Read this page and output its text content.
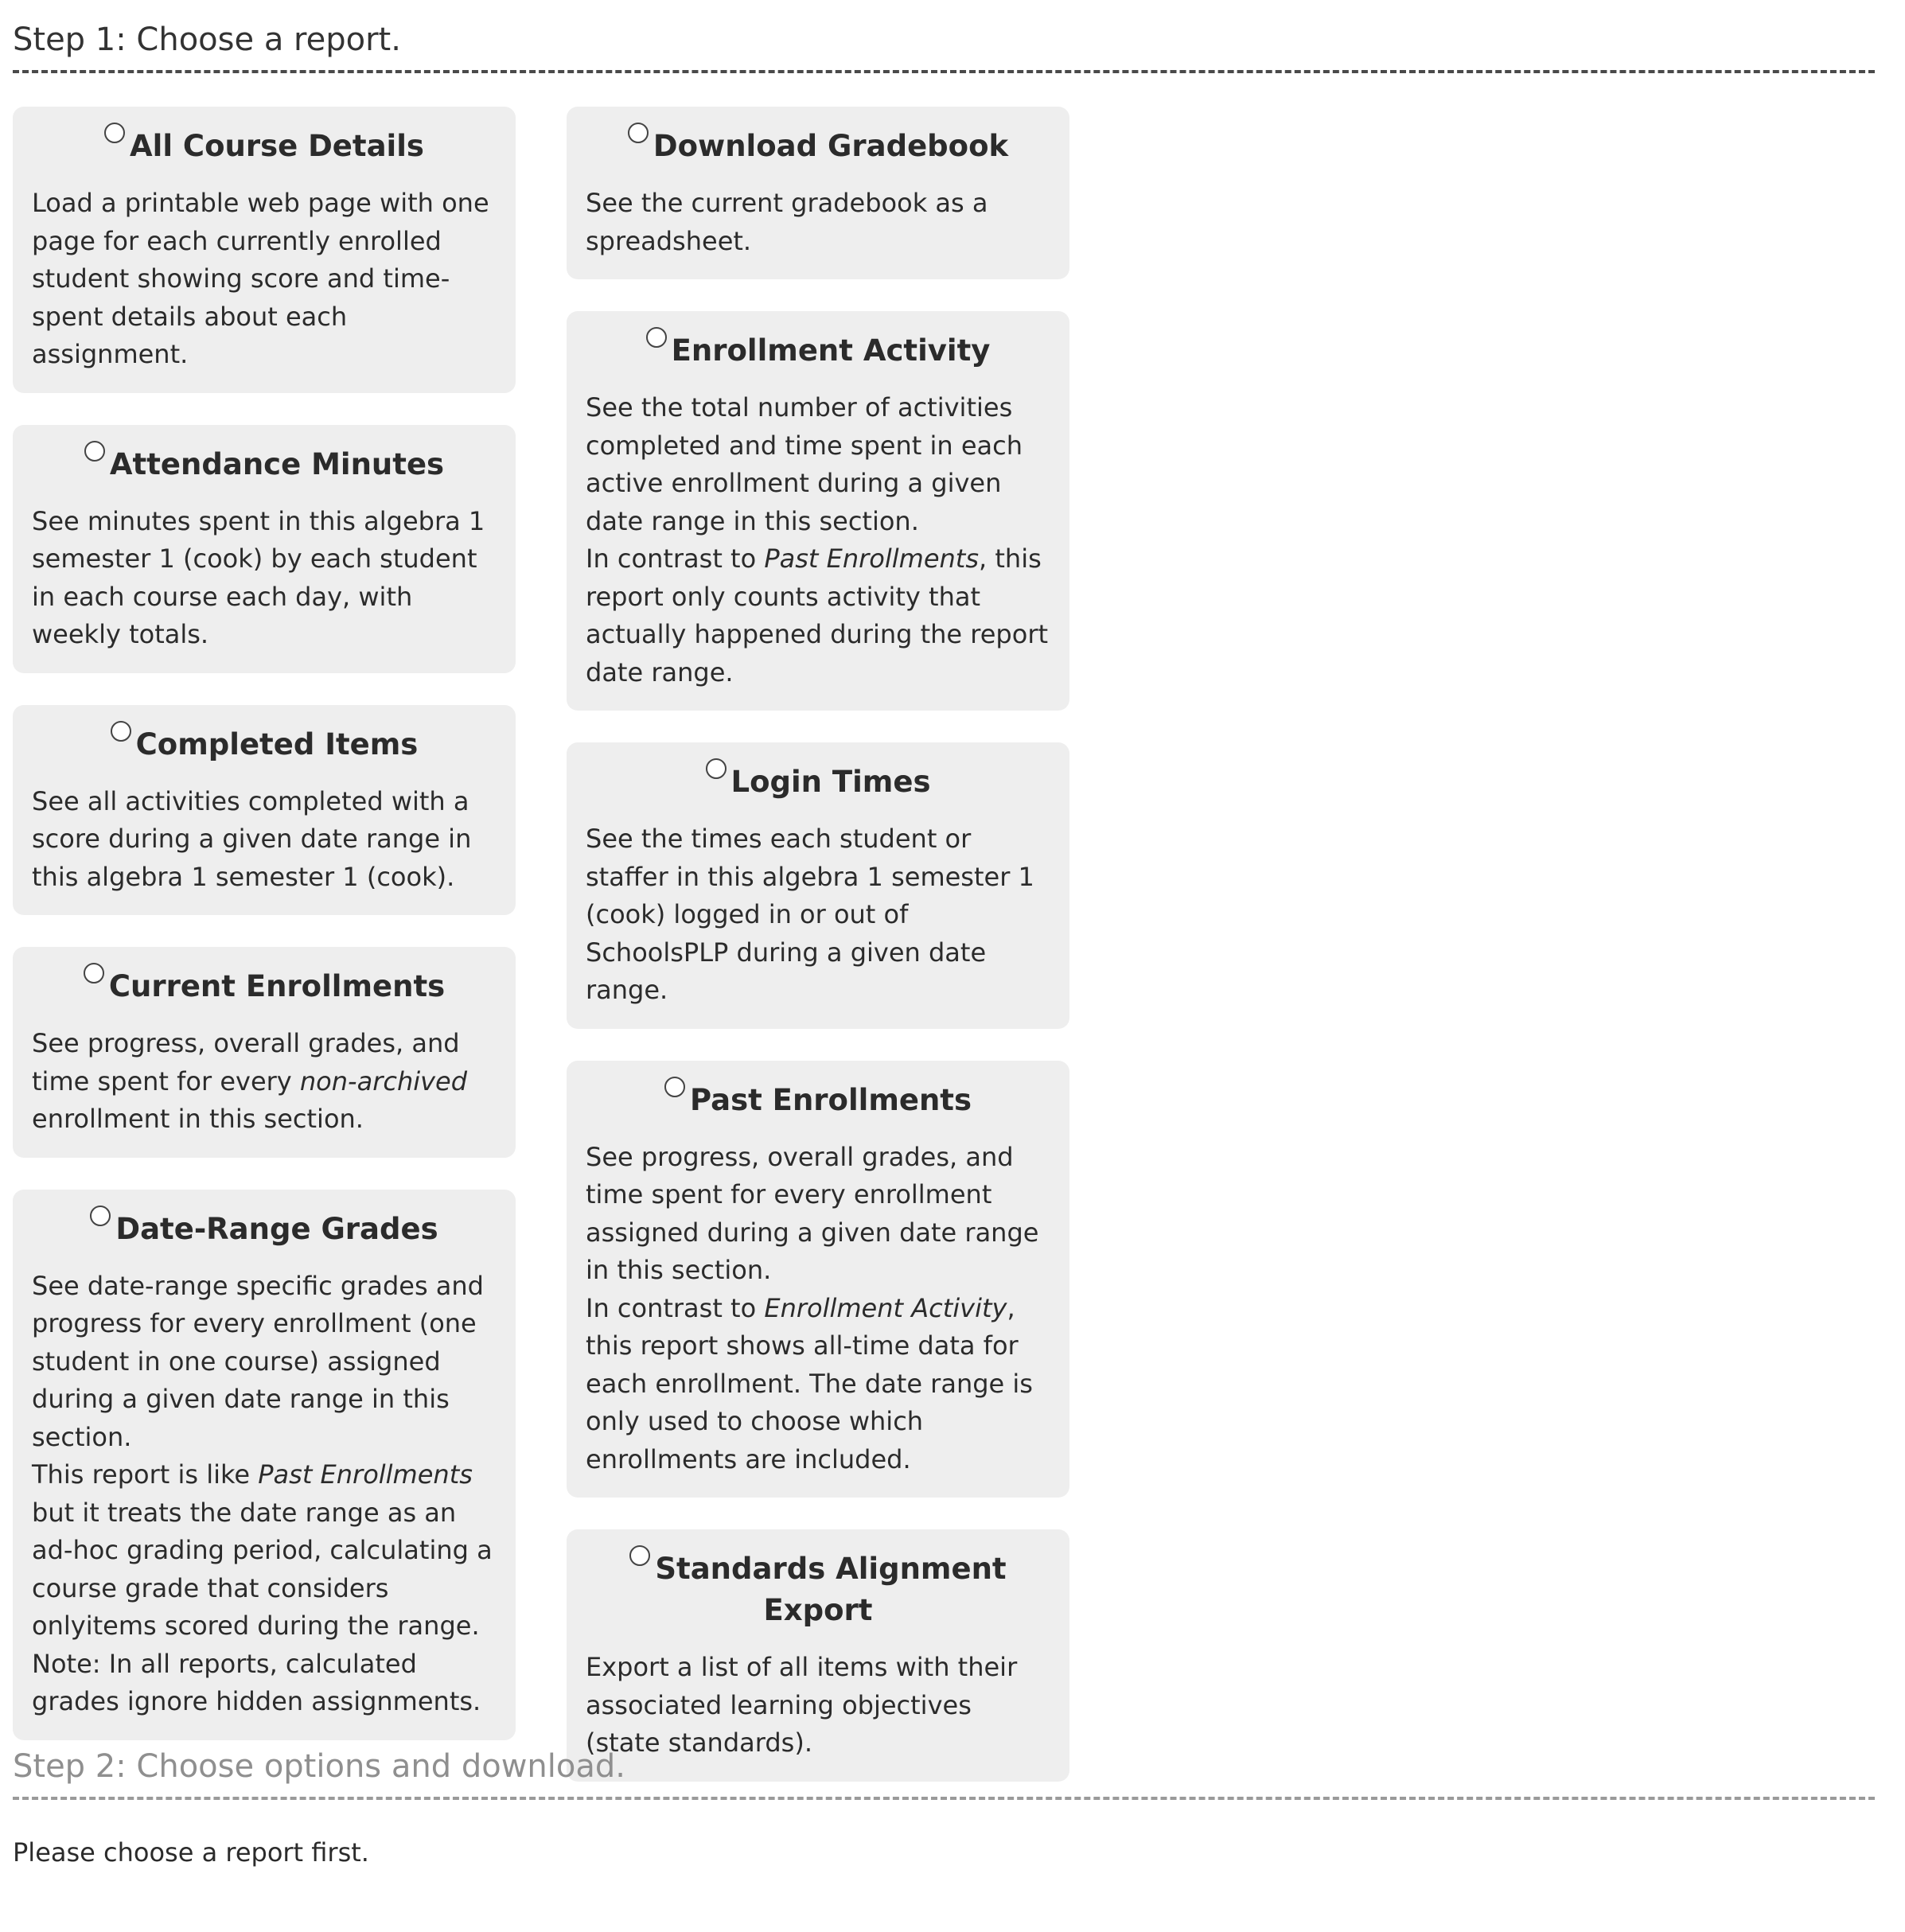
Step 1: Choose a report.
All Course Details

Load a printable web page with one page for each currently enrolled student showing score and time-spent details about each assignment.

Attendance Minutes

See minutes spent in this algebra 1 semester 1 (cook) by each student in each course each day, with weekly totals.

Completed Items

See all activities completed with a score during a given date range in this algebra 1 semester 1 (cook).

Current Enrollments

See progress, overall grades, and time spent for every non-archived enrollment in this section.

Date-Range Grades

See date-range specific grades and progress for every enrollment (one student in one course) assigned during a given date range in this section.

This report is like Past Enrollments but it treats the date range as an ad-hoc grading period, calculating a course grade that considers onlyitems scored during the range.

Note: In all reports, calculated grades ignore hidden assignments.

Download Gradebook

See the current gradebook as a spreadsheet.

Enrollment Activity

See the total number of activities completed and time spent in each active enrollment during a given date range in this section.

In contrast to Past Enrollments, this report only counts activity that actually happened during the report date range.

Login Times

See the times each student or staffer in this algebra 1 semester 1 (cook) logged in or out of SchoolsPLP during a given date range.

Past Enrollments

See progress, overall grades, and time spent for every enrollment assigned during a given date range in this section.

In contrast to Enrollment Activity, this report shows all-time data for each enrollment. The date range is only used to choose which enrollments are included.

Standards Alignment Export

Export a list of all items with their associated learning objectives (state standards).

Step 2: Choose options and download.
Please choose a report first.
